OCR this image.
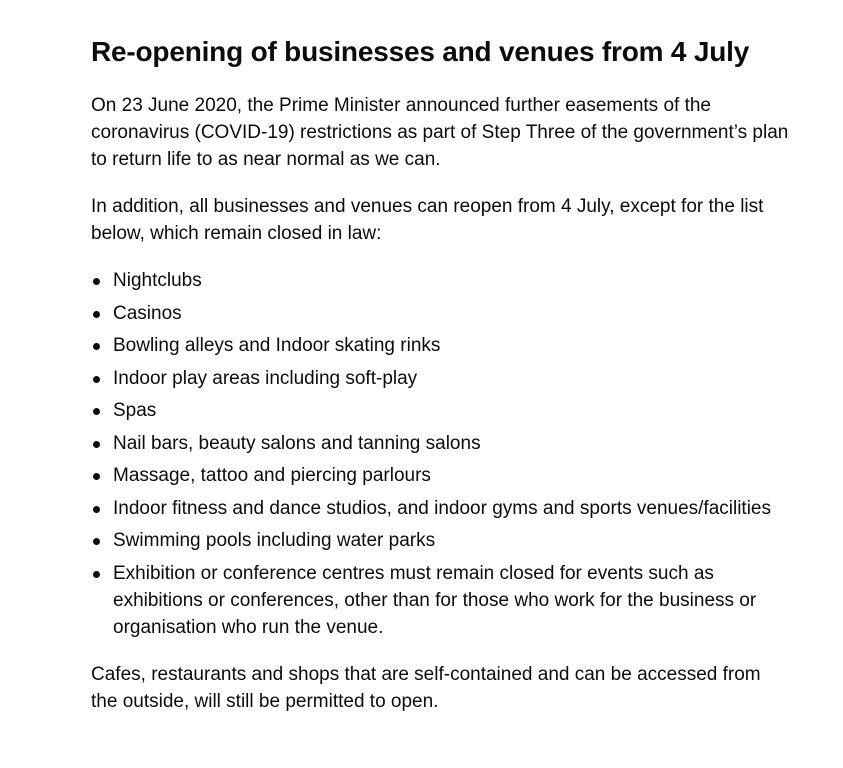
Re-opening of businesses and venues from 4 July

On 23 June 2020, the Prime Minister announced further easements of the coronavirus (COVID-19) restrictions as part of Step Three of the government’s plan to return life to as near normal as we can.

In addition, all businesses and venues can reopen from 4 July, except for the list below, which remain closed in law:

Nightclubs
Casinos
Bowling alleys and Indoor skating rinks
Indoor play areas including soft-play
Spas
Nail bars, beauty salons and tanning salons
Massage, tattoo and piercing parlours
Indoor fitness and dance studios, and indoor gyms and sports venues/facilities
Swimming pools including water parks
Exhibition or conference centres must remain closed for events such as exhibitions or conferences, other than for those who work for the business or organisation who run the venue.

Cafes, restaurants and shops that are self-contained and can be accessed from the outside, will still be permitted to open.
